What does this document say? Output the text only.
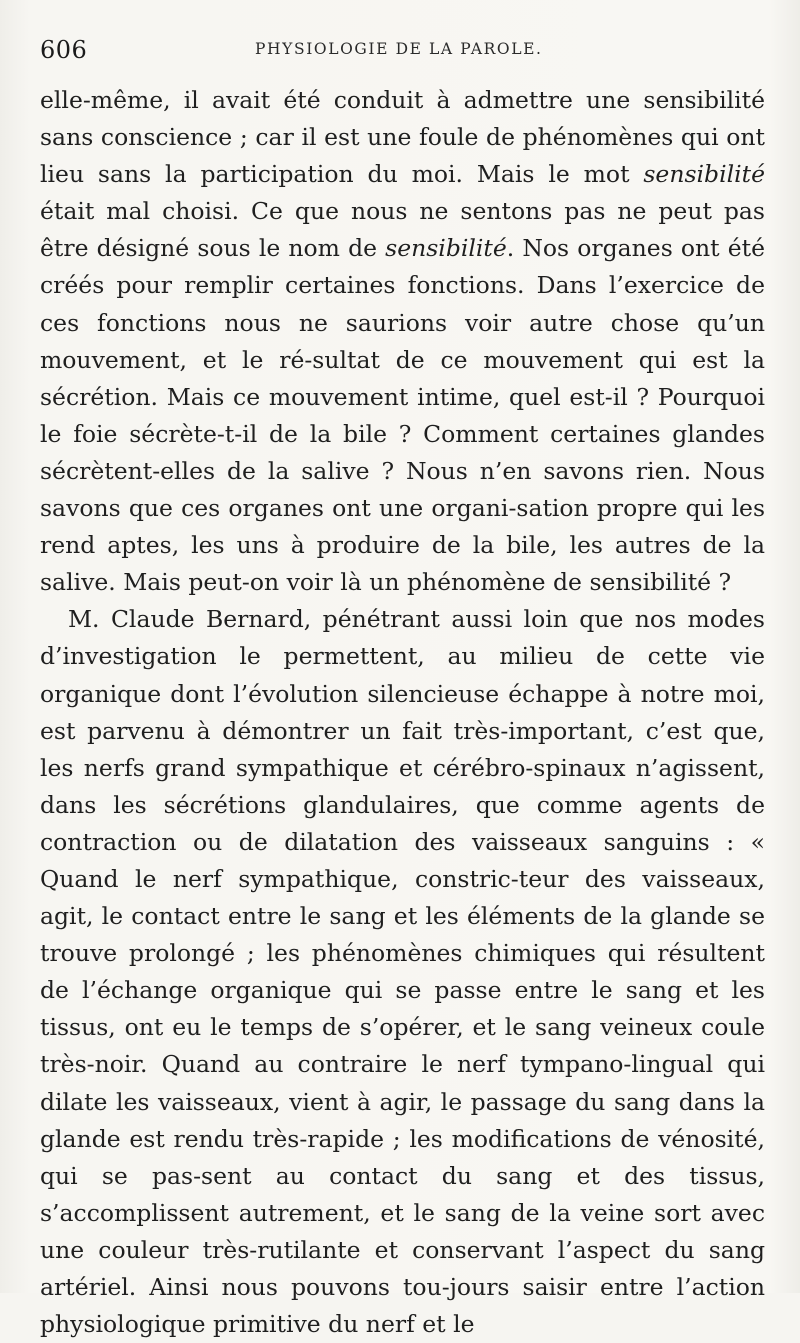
606	PHYSIOLOGIE DE LA PAROLE.

elle-même, il avait été conduit à admettre une sensibilité sans conscience ; car il est une foule de phénomènes qui ont lieu sans la participation du moi. Mais le mot sensibilité était mal choisi. Ce que nous ne sentons pas ne peut pas être désigné sous le nom de sensibilité. Nos organes ont été créés pour remplir certaines fonctions. Dans l’exercice de ces fonctions nous ne saurions voir autre chose qu’un mouvement, et le ré-sultat de ce mouvement qui est la sécrétion. Mais ce mouvement intime, quel est-il ? Pourquoi le foie sécrète-t-il de la bile ? Comment certaines glandes sécrètent-elles de la salive ? Nous n’en savons rien. Nous savons que ces organes ont une organi-sation propre qui les rend aptes, les uns à produire de la bile, les autres de la salive. Mais peut-on voir là un phénomène de sensibilité ?

M. Claude Bernard, pénétrant aussi loin que nos modes d’investigation le permettent, au milieu de cette vie organique dont l’évolution silencieuse échappe à notre moi, est parvenu à démontrer un fait très-important, c’est que, les nerfs grand sympathique et cérébro-spinaux n’agissent, dans les sécrétions glandulaires, que comme agents de contraction ou de dilatation des vaisseaux sanguins : « Quand le nerf sympathique, constric-teur des vaisseaux, agit, le contact entre le sang et les éléments de la glande se trouve prolongé ; les phénomènes chimiques qui résultent de l’échange organique qui se passe entre le sang et les tissus, ont eu le temps de s’opérer, et le sang veineux coule très-noir. Quand au contraire le nerf tympano-lingual qui dilate les vaisseaux, vient à agir, le passage du sang dans la glande est rendu très-rapide ; les modifications de vénosité, qui se pas-sent au contact du sang et des tissus, s’accomplissent autrement, et le sang de la veine sort avec une couleur très-rutilante et conservant l’aspect du sang artériel. Ainsi nous pouvons tou-jours saisir entre l’action physiologique primitive du nerf et le
